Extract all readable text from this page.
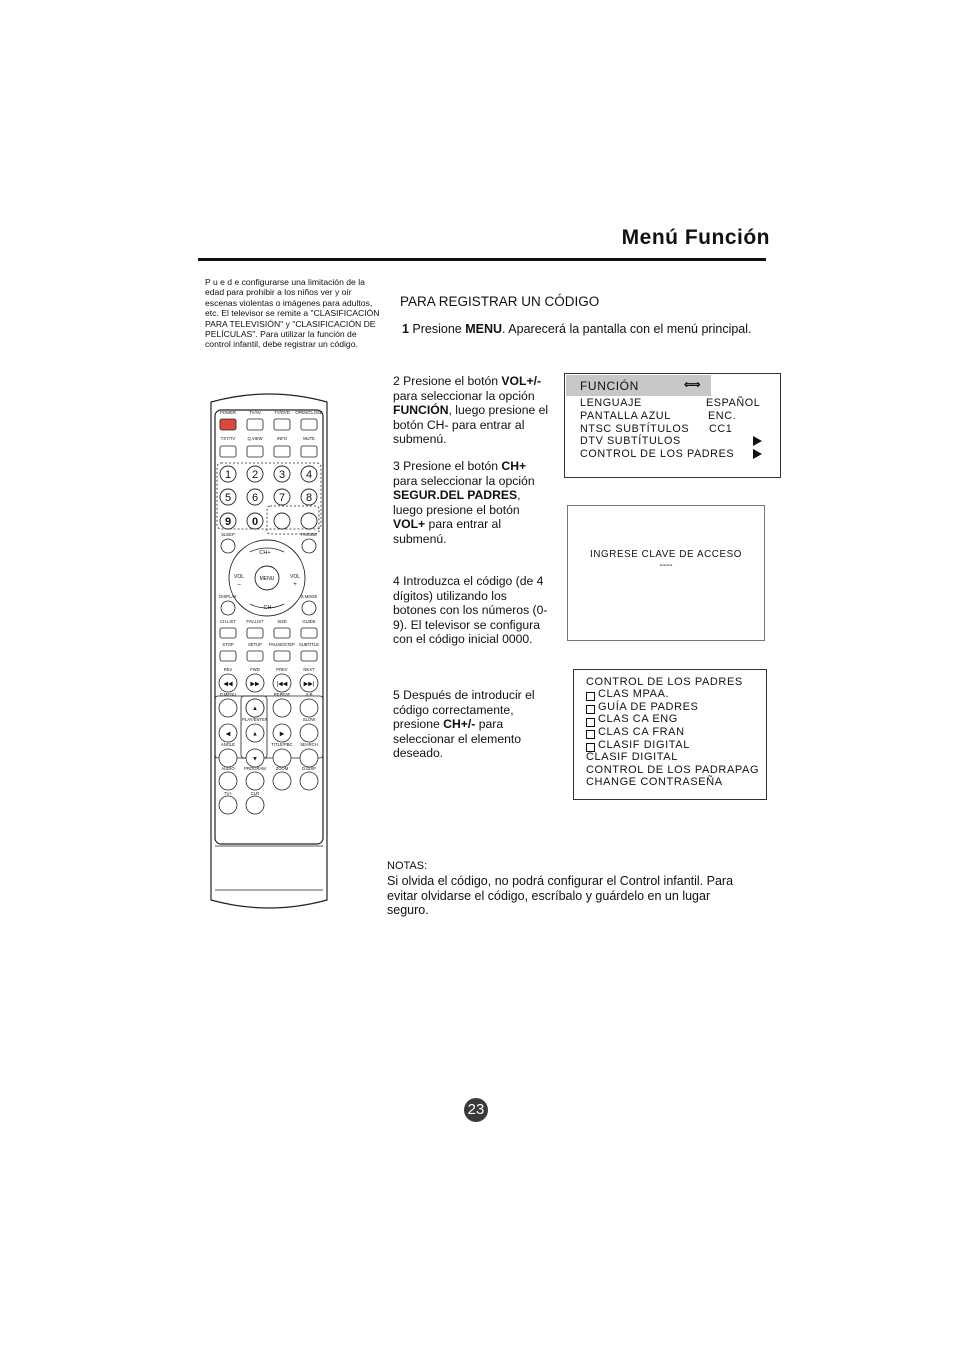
Menú Función
P u e d e configurarse una limitación de la edad para prohibir a los niños ver y oír escenas violentas o imágenes para adultos, etc. El televisor se remite a "CLASIFICACIÓN PARA TELEVISIÓN" y "CLASIFICACIÓN DE PELÍCULAS". Para utilizar la función de control infantil, debe registrar un código.
PARA REGISTRAR UN CÓDIGO
1 Presione MENU. Aparecerá la pantalla con el menú principal.
2 Presione el botón VOL+/- para seleccionar la opción FUNCIÓN, luego presione el botón CH- para entrar al submenú.
3 Presione el botón CH+ para seleccionar la opción SEGUR.DEL PADRES, luego presione el botón VOL+ para entrar al submenú.
4 Introduzca el código (de 4 dígitos) utilizando los botones con los números (0-9). El televisor se configura con el código inicial 0000.
5 Después de introducir el código correctamente, presione CH+/- para seleccionar el elemento deseado.
FUNCIÓN	⇐⇒
LENGUAJE	ESPAÑOL
PANTALLA AZUL	ENC.
NTSC SUBTÍTULOS CC1
DTV SUBTÍTULOS
CONTROL DE LOS PADRES
INGRESE CLAVE DE ACCESO
----
CONTROL DE LOS PADRES
CLAS MPAA.
GUÍA DE PADRES
CLAS CA ENG
CLAS CA FRAN
CLASIF DIGITAL
CLASIF DIGITAL
CONTROL DE LOS PADRAPAG
CHANGE CONTRASEÑA
NOTAS:
Si olvida el código, no podrá configurar el Control infantil. Para evitar olvidarse el código, escríbalo y guárdelo en un lugar seguro.
23
POWER	TV/AV	TV/DVD OPEN/CLOSE
TXT/TV	Q.VIEW	INFO	MUTE
1 2 3 4
5 6 7 8
9 0
SLEEP	P.MODE
MENU
CH+
CH–
VOL
–
VOL
+
DISPLAY	S.MODE
CH.LIST FAV.LIST	SIZE	GUIDE
STOP	SETUP PAUSE/STEP SUBTITLE
REV
◀◀
FWD
▶▶
PREV
|◀◀
NEXT
▶▶|
D.MENU	REPEAT	A-B
◀
PLAY/ENTER
▲	▶
SLOW
ANGLE
▼
TITLE/PBC SEARCH
AUDIO PROGRAM ZOOM	D.DISP
TV+	CLR
▲
